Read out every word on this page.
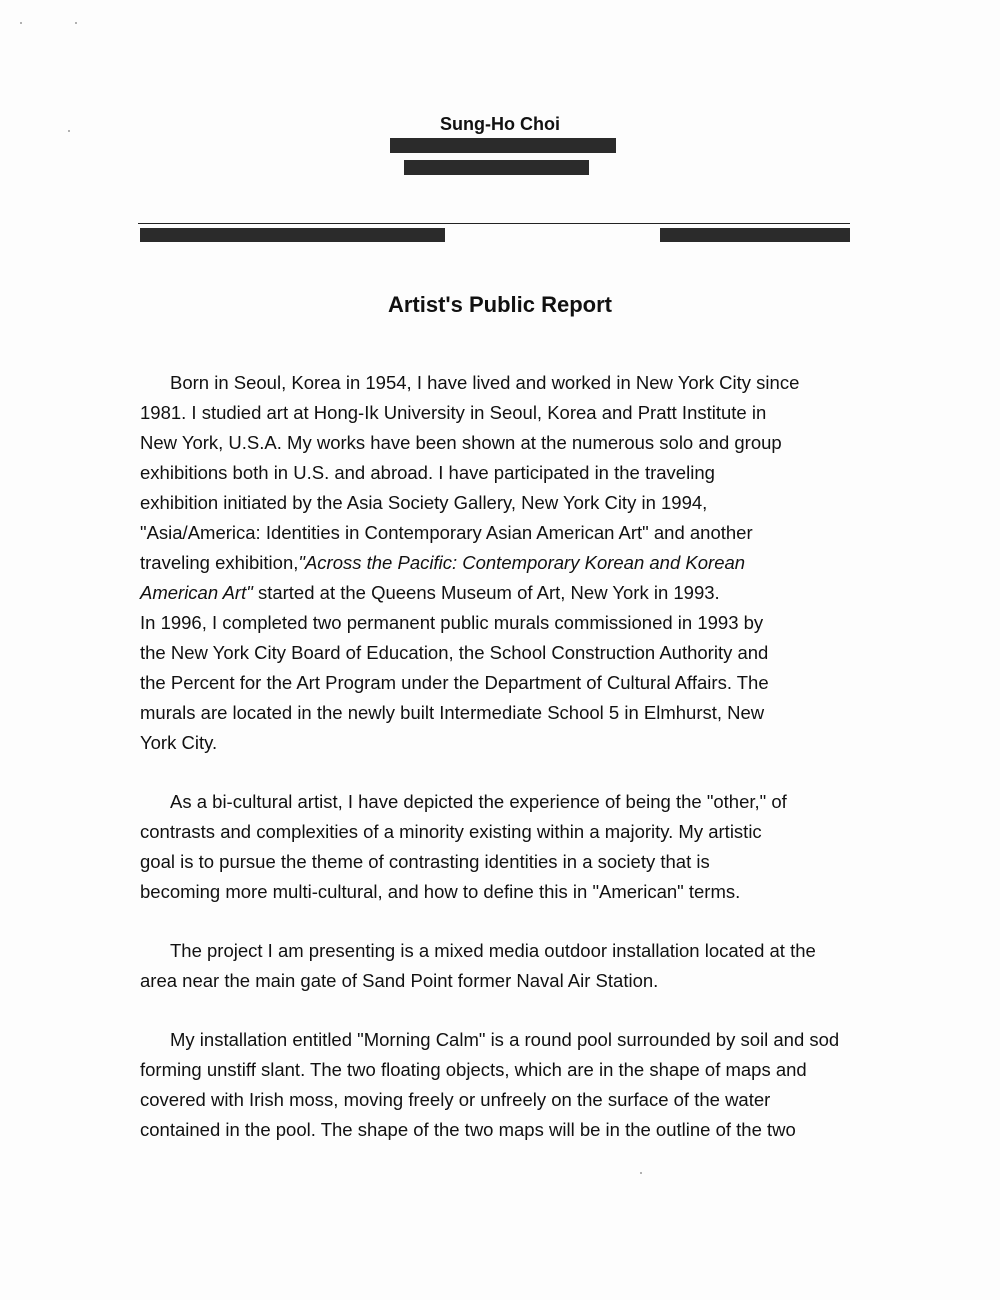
Sung-Ho Choi
Artist's Public Report
Born in Seoul, Korea in 1954, I have lived and worked in New York City since
1981. I studied art at Hong-Ik University in Seoul, Korea and Pratt Institute in
New York, U.S.A. My works have been shown at the numerous solo and group
exhibitions both in U.S. and abroad. I have participated in the traveling
exhibition initiated by the Asia Society Gallery, New York City in 1994,
"Asia/America: Identities in Contemporary Asian American Art" and another
traveling exhibition,"Across the Pacific: Contemporary Korean and Korean
American Art" started at the Queens Museum of Art, New York in 1993.
In 1996, I completed two permanent public murals commissioned in 1993 by
the New York City Board of Education, the School Construction Authority and
the Percent for the Art Program under the Department of Cultural Affairs. The
murals are located in the newly built Intermediate School 5 in Elmhurst, New
York City.
As a bi-cultural artist, I have depicted the experience of being the "other," of
contrasts and complexities of a minority existing within a majority. My artistic
goal is to pursue the theme of contrasting identities in a society that is
becoming more multi-cultural, and how to define this in "American" terms.
The project I am presenting is a mixed media outdoor installation located at the
area near the main gate of Sand Point former Naval Air Station.
My installation entitled "Morning Calm" is a round pool surrounded by soil and sod
forming unstiff slant. The two floating objects, which are in the shape of maps and
covered with Irish moss, moving freely or unfreely on the surface of the water
contained in the pool. The shape of the two maps will be in the outline of the two
